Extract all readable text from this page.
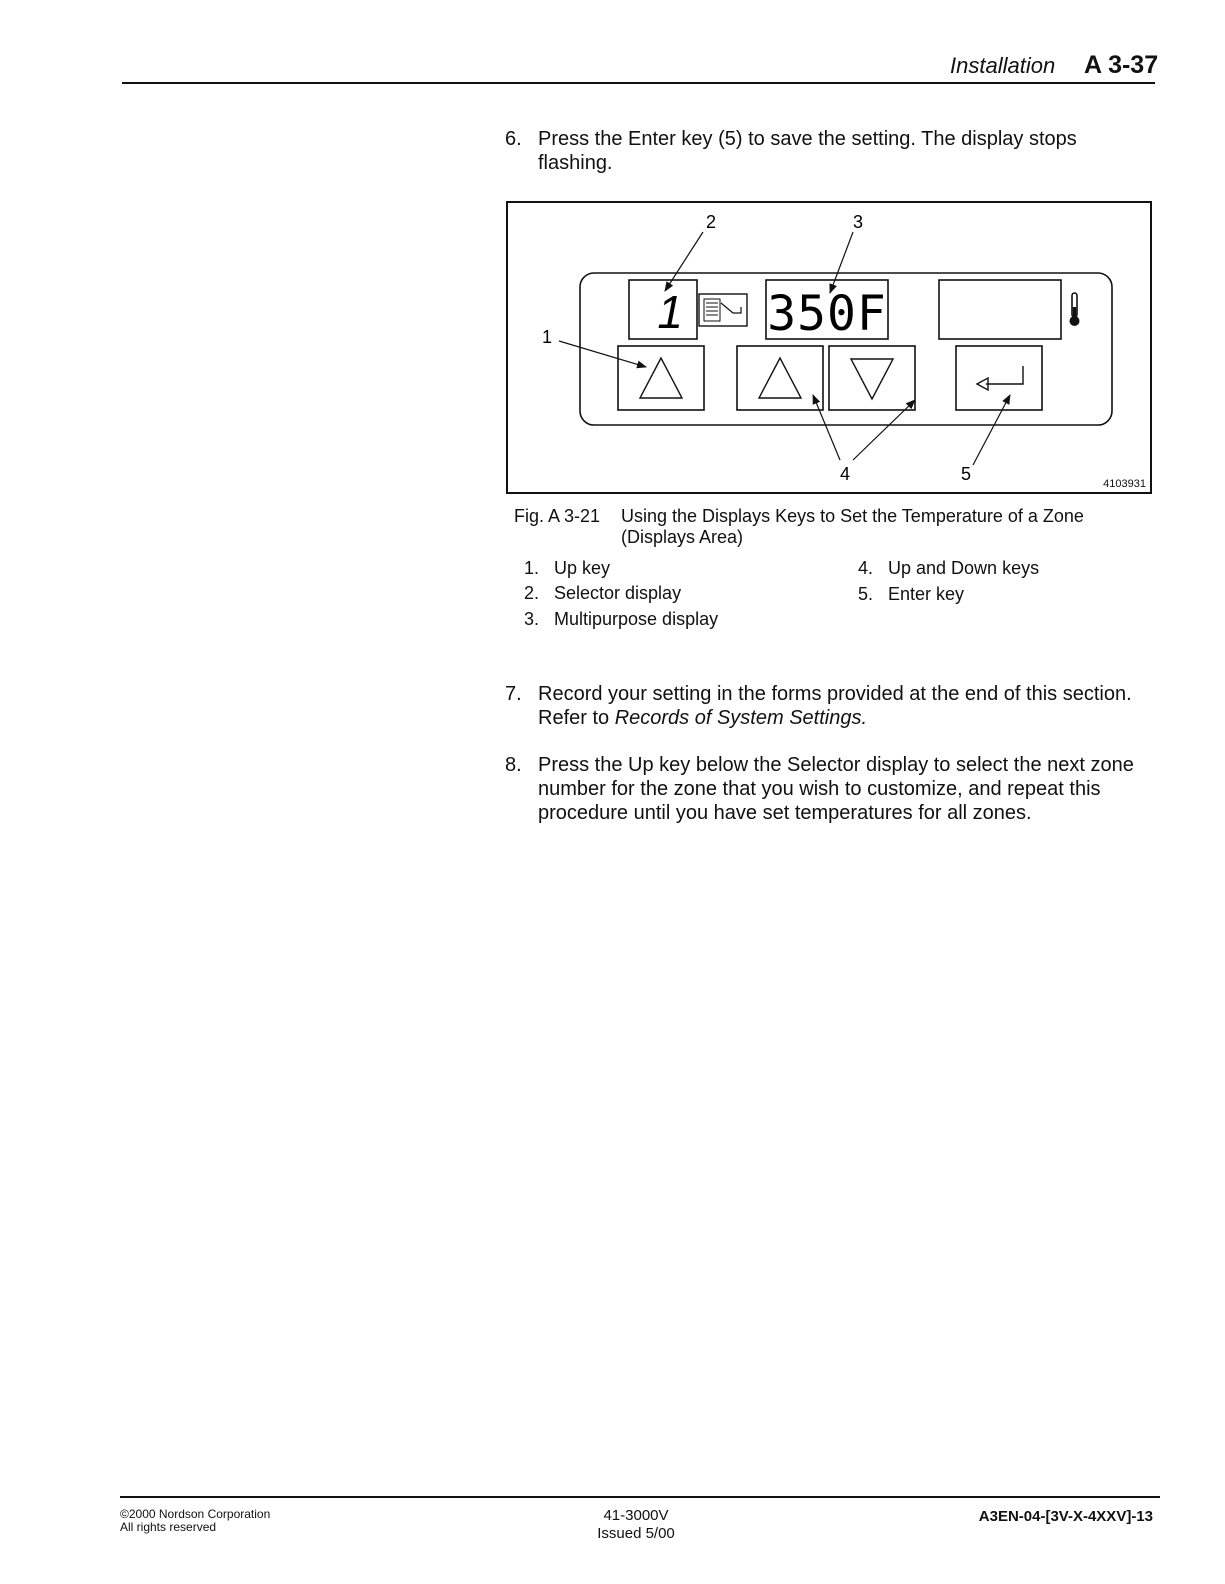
Installation A 3-37
6. Press the Enter key (5) to save the setting. The display stops flashing.
1 350F
2	3
1
4	5	4103931
Fig. A 3-21 Using the Displays Keys to Set the Temperature of a Zone (Displays Area)
1. Up key
2. Selector display
3. Multipurpose display
4. Up and Down keys
5. Enter key
7. Record your setting in the forms provided at the end of this section. Refer to Records of System Settings.
8. Press the Up key below the Selector display to select the next zone number for the zone that you wish to customize, and repeat this procedure until you have set temperatures for all zones.
©2000 Nordson Corporation
All rights reserved
41-3000V
Issued 5/00
A3EN-04-[3V-X-4XXV]-13
